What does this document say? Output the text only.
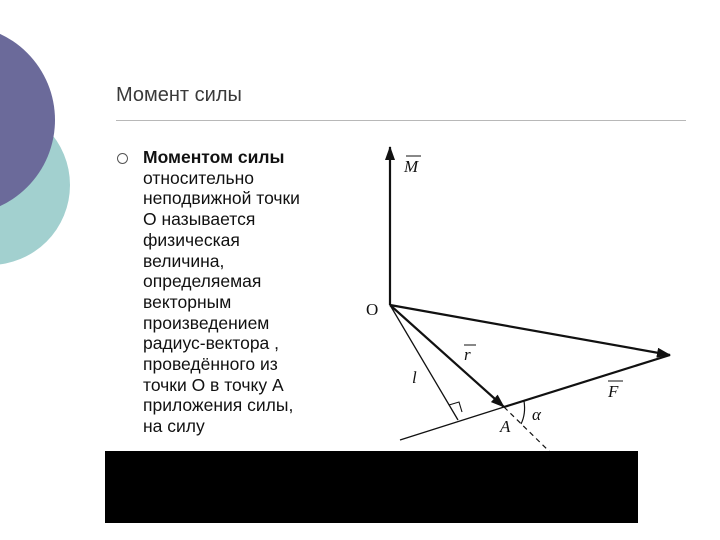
Момент силы
Моментом силы
относительно
неподвижной точки
О называется
физическая
величина,
определяемая
векторным
произведением
радиус-вектора ,
проведённого из
точки О в точку А
приложения силы,
на силу
M
O
r
l
A
α
F
